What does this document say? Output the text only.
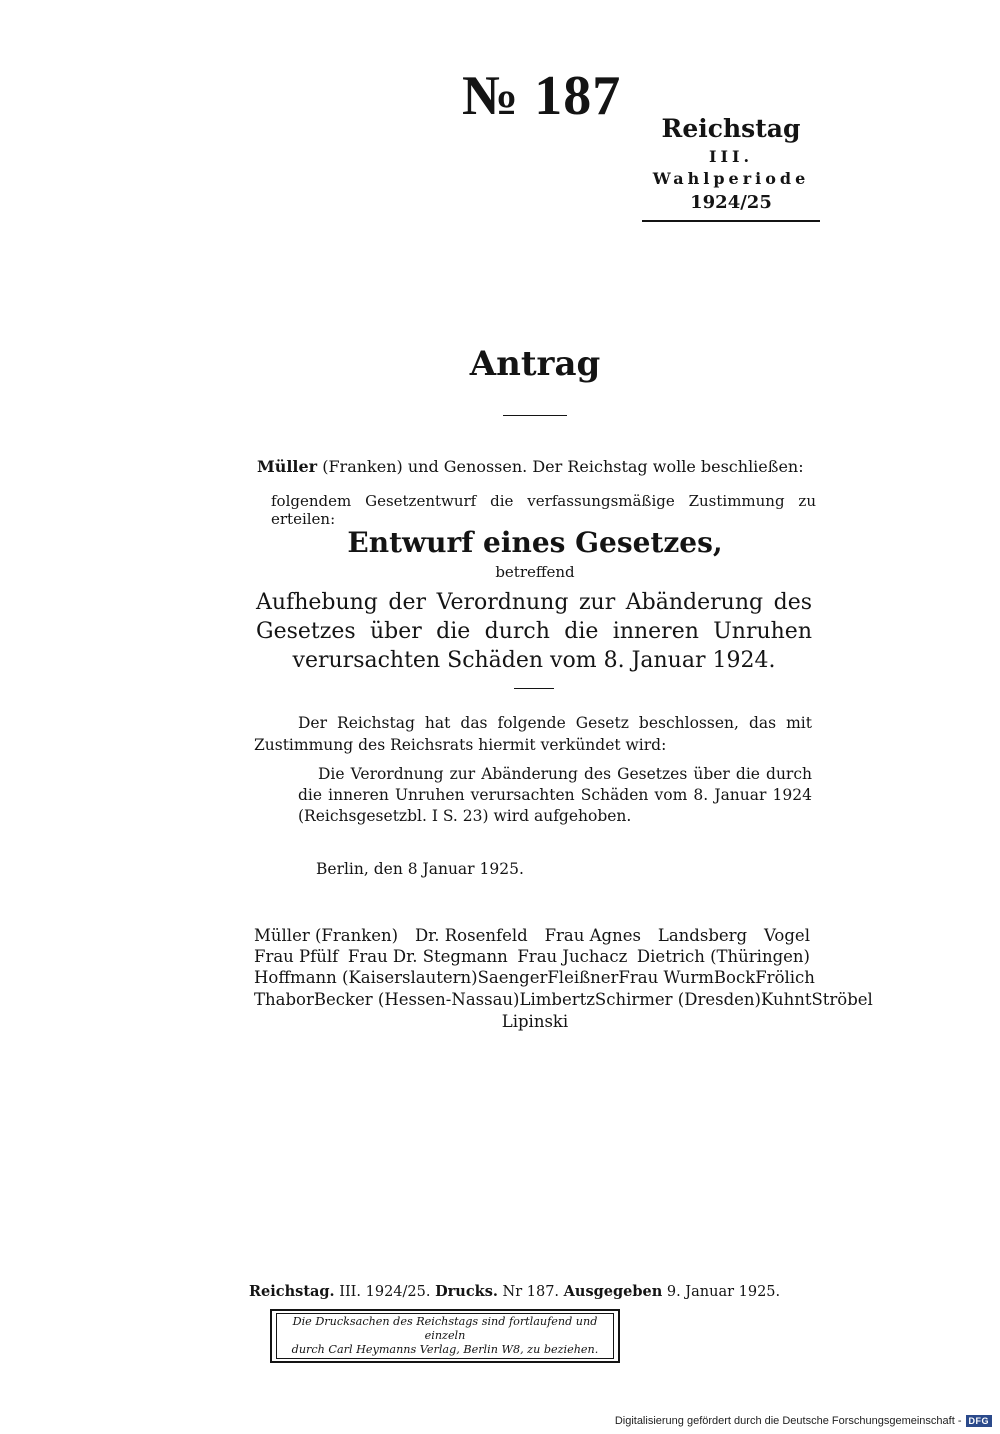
№ 187
Reichstag
III. Wahlperiode
1924/25
Antrag
Müller (Franken) und Genossen. Der Reichstag wolle beschließen:
folgendem Gesetzentwurf die verfassungsmäßige Zustimmung zu erteilen:
Entwurf eines Gesetzes,
betreffend
Aufhebung der Verordnung zur Abänderung des Gesetzes über die durch die inneren Unruhen verursachten Schäden vom 8. Januar 1924.
Der Reichstag hat das folgende Gesetz beschlossen, das mit Zustimmung des Reichsrats hiermit verkündet wird:
Die Verordnung zur Abänderung des Gesetzes über die durch die inneren Unruhen verursachten Schäden vom 8. Januar 1924 (Reichsgesetzbl. I S. 23) wird aufgehoben.
Berlin, den 8 Januar 1925.
Müller (Franken) Dr. Rosenfeld Frau Agnes Landsberg Vogel
Frau Pfülf Frau Dr. Stegmann Frau Juchacz Dietrich (Thüringen)
Hoffmann (Kaiserslautern) Saenger Fleißner Frau Wurm Bock Frölich
Thabor Becker (Hessen-Nassau) Limbertz Schirmer (Dresden) Kuhnt Ströbel
Lipinski
Reichstag. III. 1924/25. Drucks. Nr 187. Ausgegeben 9. Januar 1925.
Die Drucksachen des Reichstags sind fortlaufend und einzeln
durch Carl Heymanns Verlag, Berlin W8, zu beziehen.
Digitalisierung gefördert durch die Deutsche Forschungsgemeinschaft - DFG
